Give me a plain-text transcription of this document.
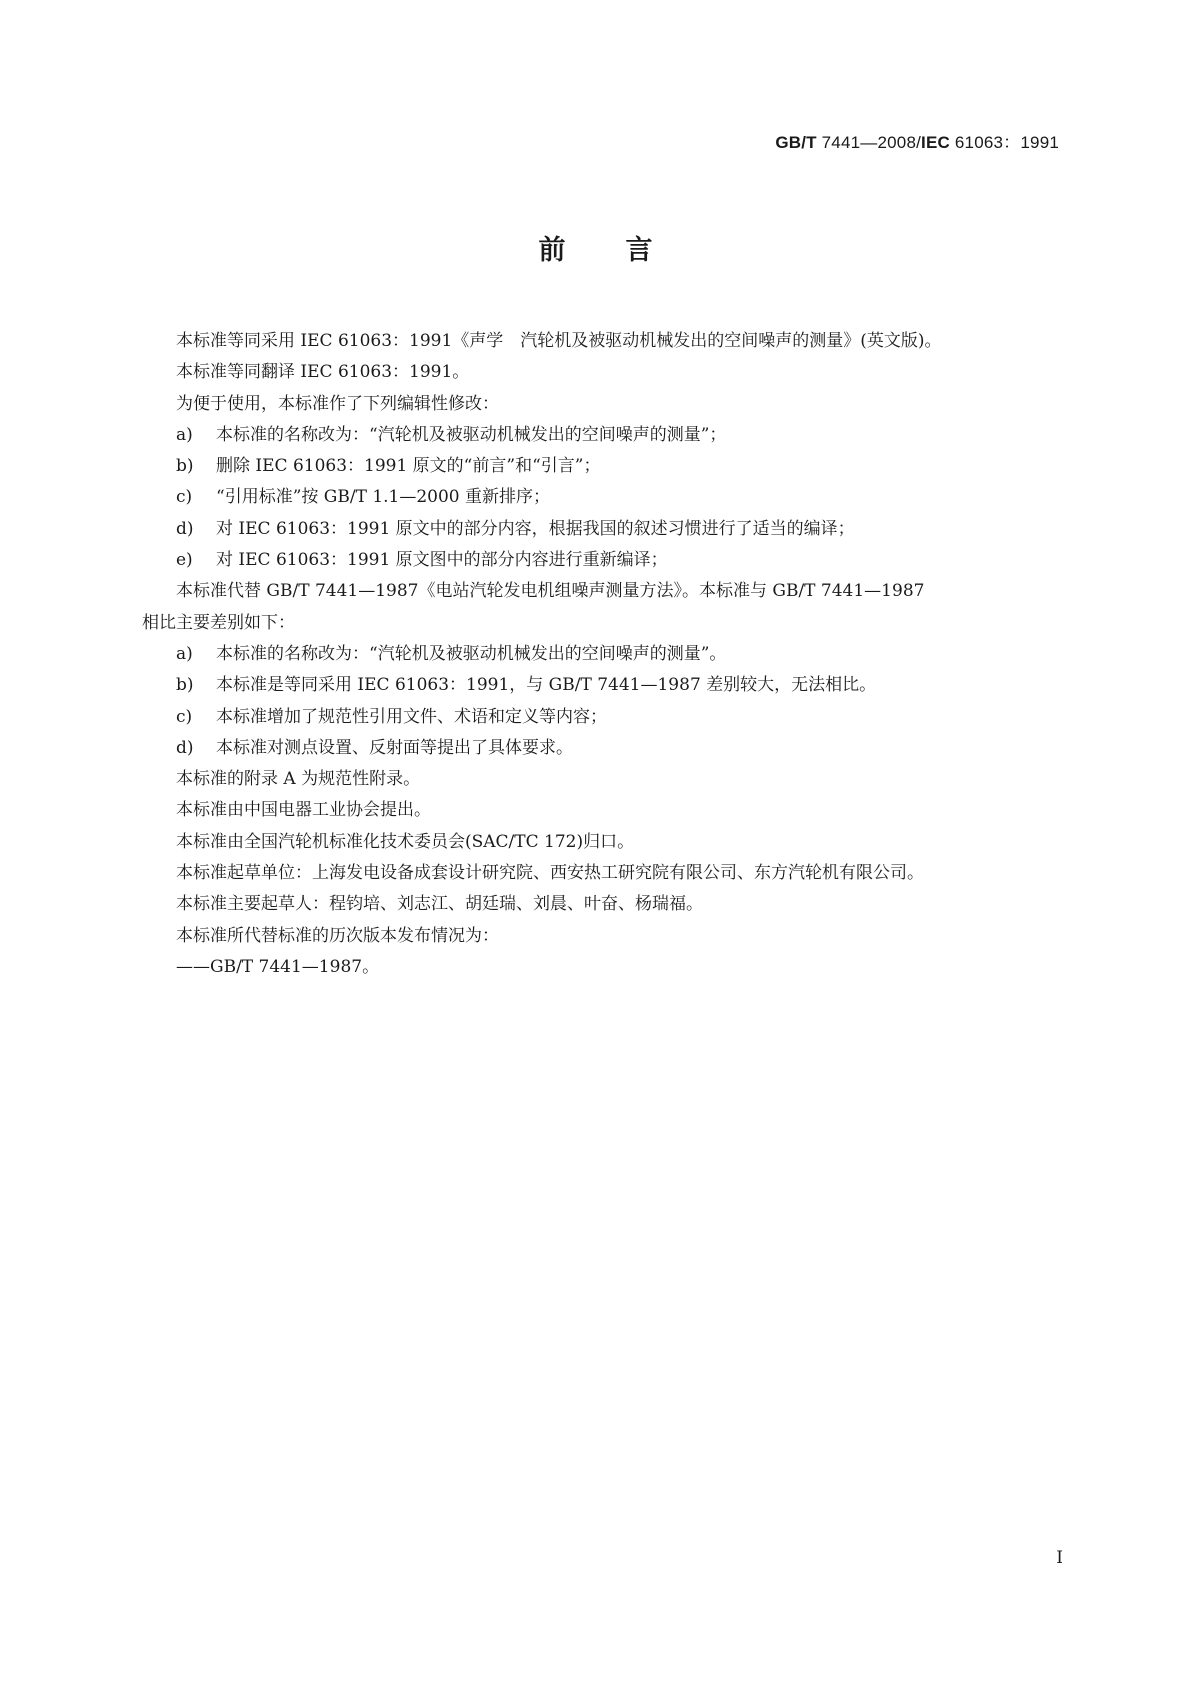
GB/T 7441—2008/IEC 61063：1991
前言
本标准等同采用 IEC 61063：1991《声学　汽轮机及被驱动机械发出的空间噪声的测量》(英文版)。
本标准等同翻译 IEC 61063：1991。
为便于使用，本标准作了下列编辑性修改：
a) 本标准的名称改为：“汽轮机及被驱动机械发出的空间噪声的测量”；
b) 删除 IEC 61063：1991 原文的“前言”和“引言”；
c) “引用标准”按 GB/T 1.1—2000 重新排序；
d) 对 IEC 61063：1991 原文中的部分内容，根据我国的叙述习惯进行了适当的编译；
e) 对 IEC 61063：1991 原文图中的部分内容进行重新编译；
本标准代替 GB/T 7441—1987《电站汽轮发电机组噪声测量方法》。本标准与 GB/T 7441—1987
相比主要差别如下：
a) 本标准的名称改为：“汽轮机及被驱动机械发出的空间噪声的测量”。
b) 本标准是等同采用 IEC 61063：1991，与 GB/T 7441—1987 差别较大，无法相比。
c) 本标准增加了规范性引用文件、术语和定义等内容；
d) 本标准对测点设置、反射面等提出了具体要求。
本标准的附录 A 为规范性附录。
本标准由中国电器工业协会提出。
本标准由全国汽轮机标准化技术委员会(SAC/TC 172)归口。
本标准起草单位：上海发电设备成套设计研究院、西安热工研究院有限公司、东方汽轮机有限公司。
本标准主要起草人：程钧培、刘志江、胡廷瑞、刘晨、叶奋、杨瑞福。
本标准所代替标准的历次版本发布情况为：
——GB/T 7441—1987。
Ⅰ
